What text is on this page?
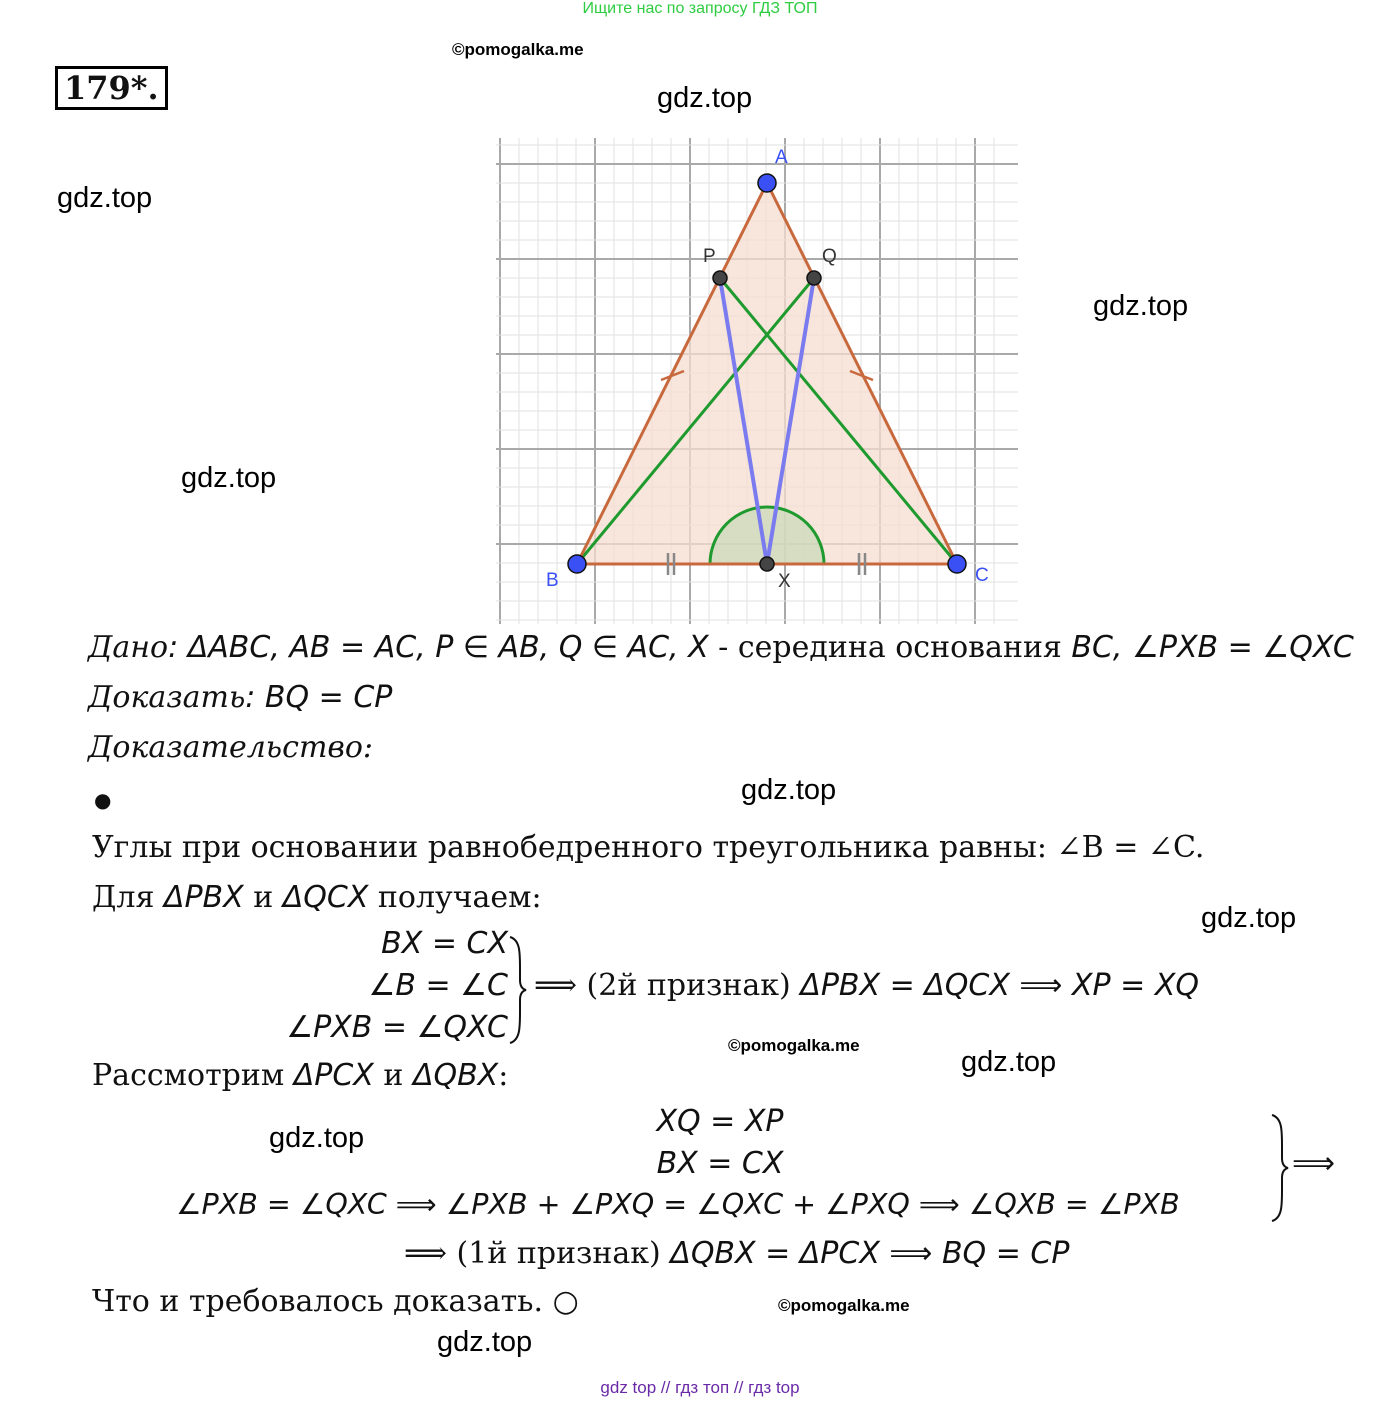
Ищите нас по запросу ГДЗ ТОП
©pomogalka.me
©pomogalka.me
©pomogalka.me
gdz.top
gdz.top
gdz.top
gdz.top
gdz.top
gdz.top
gdz.top
gdz.top
gdz.top
179*.
A
B	C
P	Q
X
Дано: ΔABC, AB = AC, P ∈ AB, Q ∈ AC, X - середина основания BC, ∠PXB = ∠QXC
Доказать: BQ = CP
Доказательство:
●
Углы при основании равнобедренного треугольника равны: ∠B = ∠C.
Для ΔPBX и ΔQCX получаем:
BX = CX
∠B = ∠C
∠PXB = ∠QXC
⟹ (2й признак) ΔPBX = ΔQCX ⟹ XP = XQ
Рассмотрим ΔPCX и ΔQBX:
XQ = XP
BX = CX
∠PXB = ∠QXC ⟹ ∠PXB + ∠PXQ = ∠QXC + ∠PXQ ⟹ ∠QXB = ∠PXB
⟹
⟹ (1й признак) ΔQBX = ΔPCX ⟹ BQ = CP
Что и требовалось доказать. ○
gdz top // гдз топ // гдз top
